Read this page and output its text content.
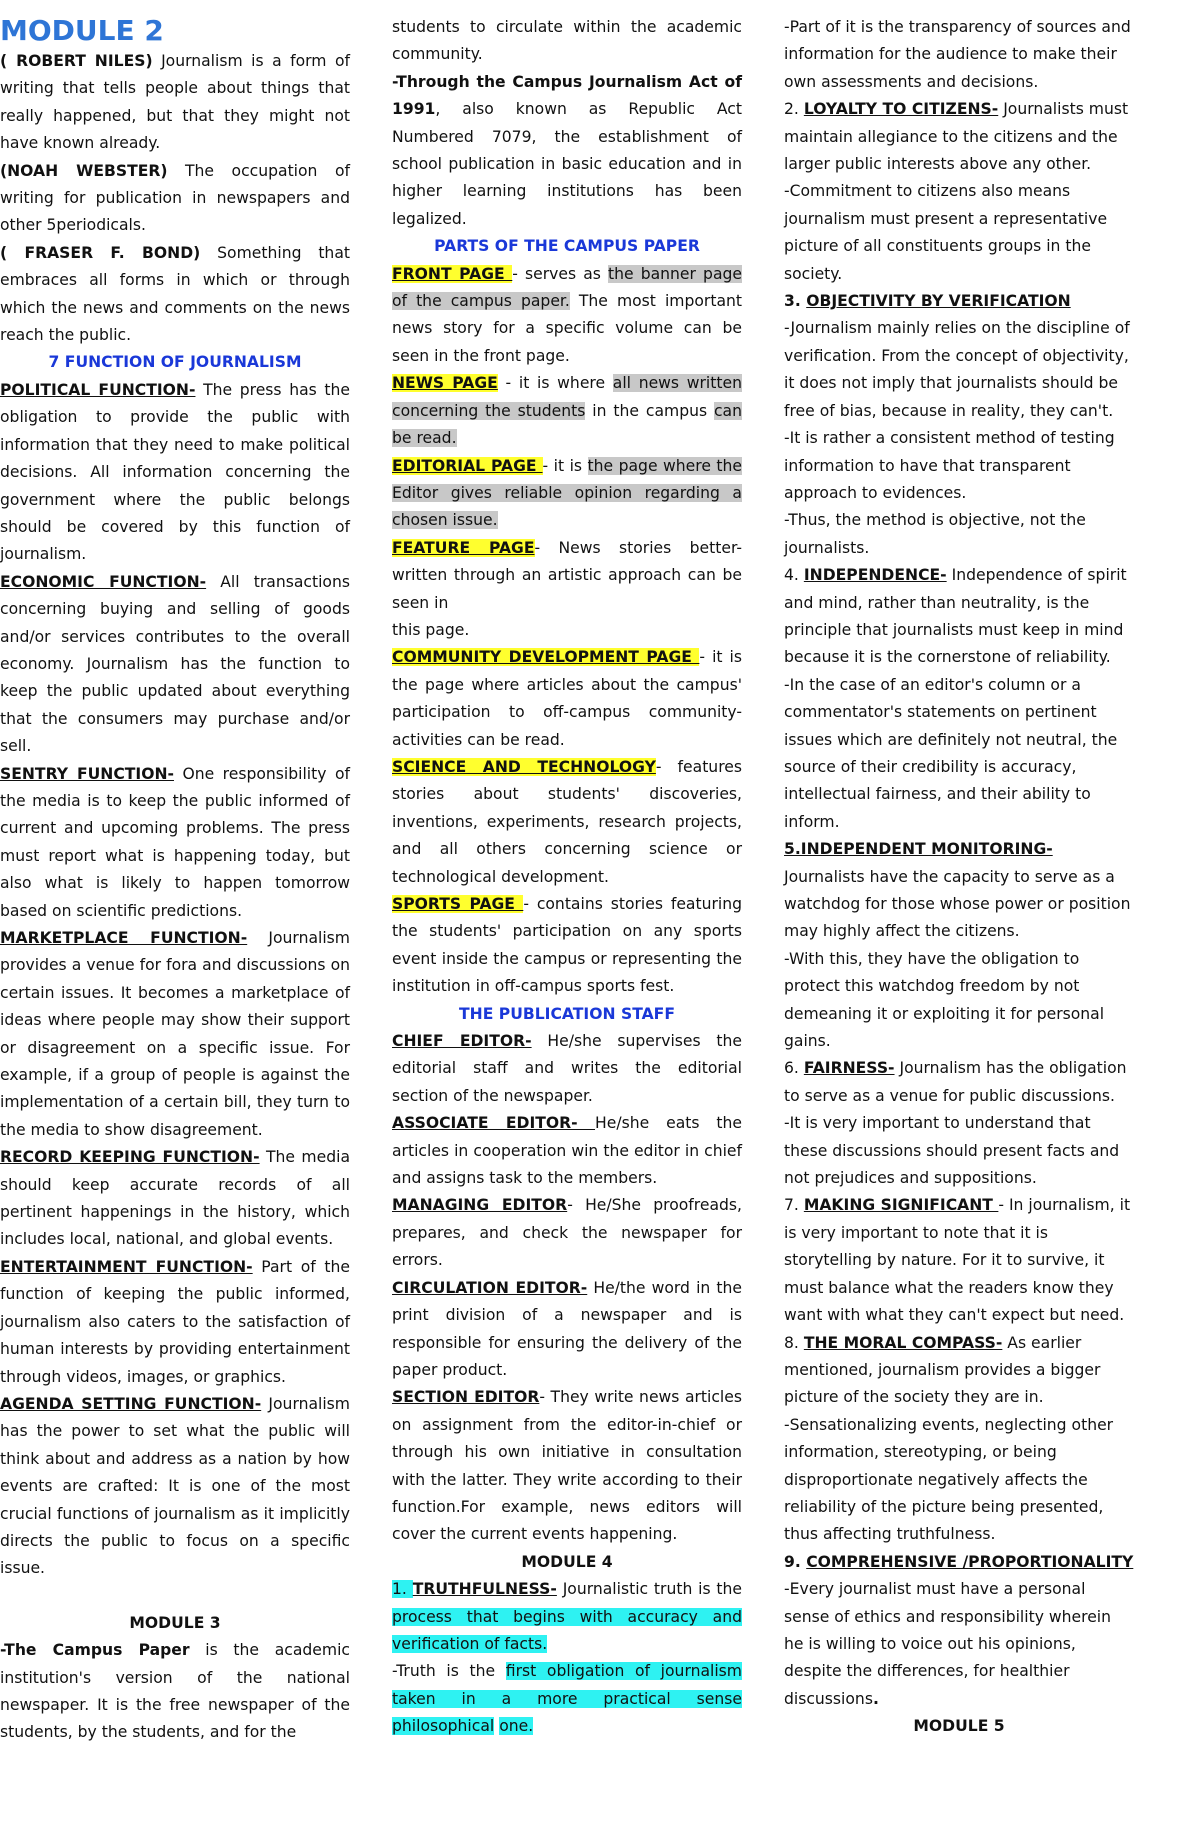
MODULE 2

( ROBERT NILES) Journalism is a form of writing that tells people about things that really happened, but that they might not have known already.

(NOAH WEBSTER) The occupation of writing for publication in newspapers and other 5periodicals.

( FRASER F. BOND) Something that embraces all forms in which or through which the news and comments on the news reach the public.

7 FUNCTION OF JOURNALISM

POLITICAL FUNCTION- The press has the obligation to provide the public with information that they need to make political decisions. All information concerning the government where the public belongs should be covered by this function of journalism.

ECONOMIC FUNCTION- All transactions concerning buying and selling of goods and/or services contributes to the overall economy. Journalism has the function to keep the public updated about everything that the consumers may purchase and/or sell.

SENTRY FUNCTION- One responsibility of the media is to keep the public informed of current and upcoming problems. The press must report what is happening today, but also what is likely to happen tomorrow based on scientific predictions.

MARKETPLACE FUNCTION- Journalism provides a venue for fora and discussions on certain issues. It becomes a marketplace of ideas where people may show their support or disagreement on a specific issue. For example, if a group of people is against the implementation of a certain bill, they turn to the media to show disagreement.

RECORD KEEPING FUNCTION- The media should keep accurate records of all pertinent happenings in the history, which includes local, national, and global events.

ENTERTAINMENT FUNCTION- Part of the function of keeping the public informed, journalism also caters to the satisfaction of human interests by providing entertainment through videos, images, or graphics.

AGENDA SETTING FUNCTION- Journalism has the power to set what the public will think about and address as a nation by how events are crafted: It is one of the most crucial functions of journalism as it implicitly directs the public to focus on a specific issue.

MODULE 3

-The Campus Paper is the academic institution's version of the national newspaper. It is the free newspaper of the students, by the students, and for the

students to circulate within the academic community.

-Through the Campus Journalism Act of 1991, also known as Republic Act Numbered 7079, the establishment of school publication in basic education and in higher learning institutions has been legalized.

PARTS OF THE CAMPUS PAPER

FRONT PAGE - serves as the banner page of the campus paper. The most important news story for a specific volume can be seen in the front page.

NEWS PAGE - it is where all news written concerning the students in the campus can be read.

EDITORIAL PAGE - it is the page where the Editor gives reliable opinion regarding a chosen issue.

FEATURE PAGE- News stories better-written through an artistic approach can be seen in

this page.

COMMUNITY DEVELOPMENT PAGE - it is the page where articles about the campus' participation to off-campus community-activities can be read.

SCIENCE AND TECHNOLOGY- features stories about students' discoveries, inventions, experiments, research projects, and all others concerning science or technological development.

SPORTS PAGE - contains stories featuring the students' participation on any sports event inside the campus or representing the institution in off-campus sports fest.

THE PUBLICATION STAFF

CHIEF EDITOR- He/she supervises the editorial staff and writes the editorial section of the newspaper.

ASSOCIATE EDITOR- He/she eats the articles in cooperation win the editor in chief and assigns task to the members.

MANAGING EDITOR- He/She proofreads, prepares, and check the newspaper for errors.

CIRCULATION EDITOR- He/the word in the print division of a newspaper and is responsible for ensuring the delivery of the paper product.

SECTION EDITOR- They write news articles on assignment from the editor-in-chief or through his own initiative in consultation with the latter. They write according to their function.For example, news editors will cover the current events happening.

MODULE 4

1. TRUTHFULNESS- Journalistic truth is the process that begins with accuracy and verification of facts.

-Truth is the first obligation of journalism taken in a more practical sense philosophical one.

-Part of it is the transparency of sources and information for the audience to make their own assessments and decisions.

2. LOYALTY TO CITIZENS- Journalists must maintain allegiance to the citizens and the larger public interests above any other.

-Commitment to citizens also means journalism must present a representative picture of all constituents groups in the society.

3. OBJECTIVITY BY VERIFICATION

-Journalism mainly relies on the discipline of verification. From the concept of objectivity, it does not imply that journalists should be free of bias, because in reality, they can't.

-It is rather a consistent method of testing information to have that transparent approach to evidences.

-Thus, the method is objective, not the journalists.

4. INDEPENDENCE- Independence of spirit and mind, rather than neutrality, is the principle that journalists must keep in mind because it is the cornerstone of reliability.

-In the case of an editor's column or a commentator's statements on pertinent issues which are definitely not neutral, the source of their credibility is accuracy, intellectual fairness, and their ability to inform.

5.INDEPENDENT MONITORING-

Journalists have the capacity to serve as a watchdog for those whose power or position may highly affect the citizens.

-With this, they have the obligation to protect this watchdog freedom by not demeaning it or exploiting it for personal gains.

6. FAIRNESS- Journalism has the obligation to serve as a venue for public discussions.

-It is very important to understand that these discussions should present facts and not prejudices and suppositions.

7. MAKING SIGNIFICANT - In journalism, it is very important to note that it is storytelling by nature. For it to survive, it must balance what the readers know they want with what they can't expect but need.

8. THE MORAL COMPASS- As earlier mentioned, journalism provides a bigger picture of the society they are in.

-Sensationalizing events, neglecting other information, stereotyping, or being disproportionate negatively affects the reliability of the picture being presented, thus affecting truthfulness.

9. COMPREHENSIVE /PROPORTIONALITY

-Every journalist must have a personal sense of ethics and responsibility wherein he is willing to voice out his opinions, despite the differences, for healthier discussions.

MODULE 5
